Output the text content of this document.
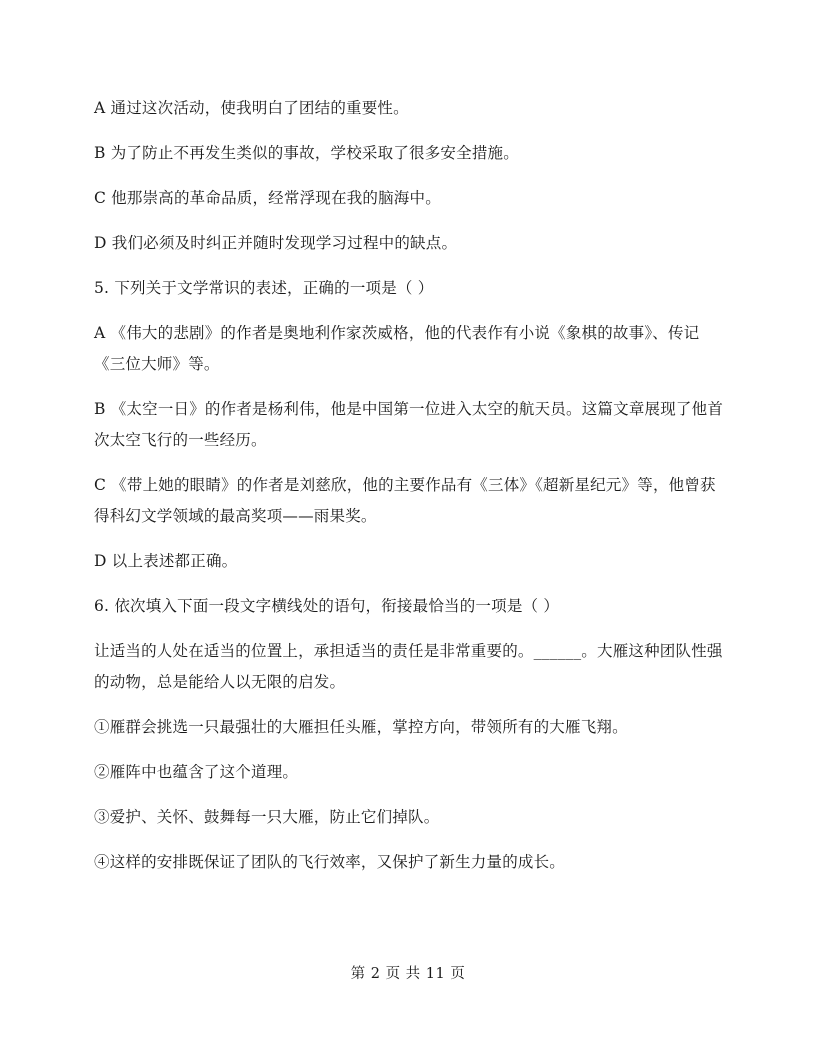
A 通过这次活动，使我明白了团结的重要性。

B 为了防止不再发生类似的事故，学校采取了很多安全措施。

C 他那崇高的革命品质，经常浮现在我的脑海中。

D 我们必须及时纠正并随时发现学习过程中的缺点。

5. 下列关于文学常识的表述，正确的一项是（ ）

A 《伟大的悲剧》的作者是奥地利作家茨威格，他的代表作有小说《象棋的故事》、传记《三位大师》等。

B 《太空一日》的作者是杨利伟，他是中国第一位进入太空的航天员。这篇文章展现了他首次太空飞行的一些经历。

C 《带上她的眼睛》的作者是刘慈欣，他的主要作品有《三体》《超新星纪元》等，他曾获得科幻文学领域的最高奖项——雨果奖。

D 以上表述都正确。

6. 依次填入下面一段文字横线处的语句，衔接最恰当的一项是（ ）

让适当的人处在适当的位置上，承担适当的责任是非常重要的。______。大雁这种团队性强的动物，总是能给人以无限的启发。

①雁群会挑选一只最强壮的大雁担任头雁，掌控方向，带领所有的大雁飞翔。

②雁阵中也蕴含了这个道理。

③爱护、关怀、鼓舞每一只大雁，防止它们掉队。

④这样的安排既保证了团队的飞行效率，又保护了新生力量的成长。

第 2 页 共 11 页
